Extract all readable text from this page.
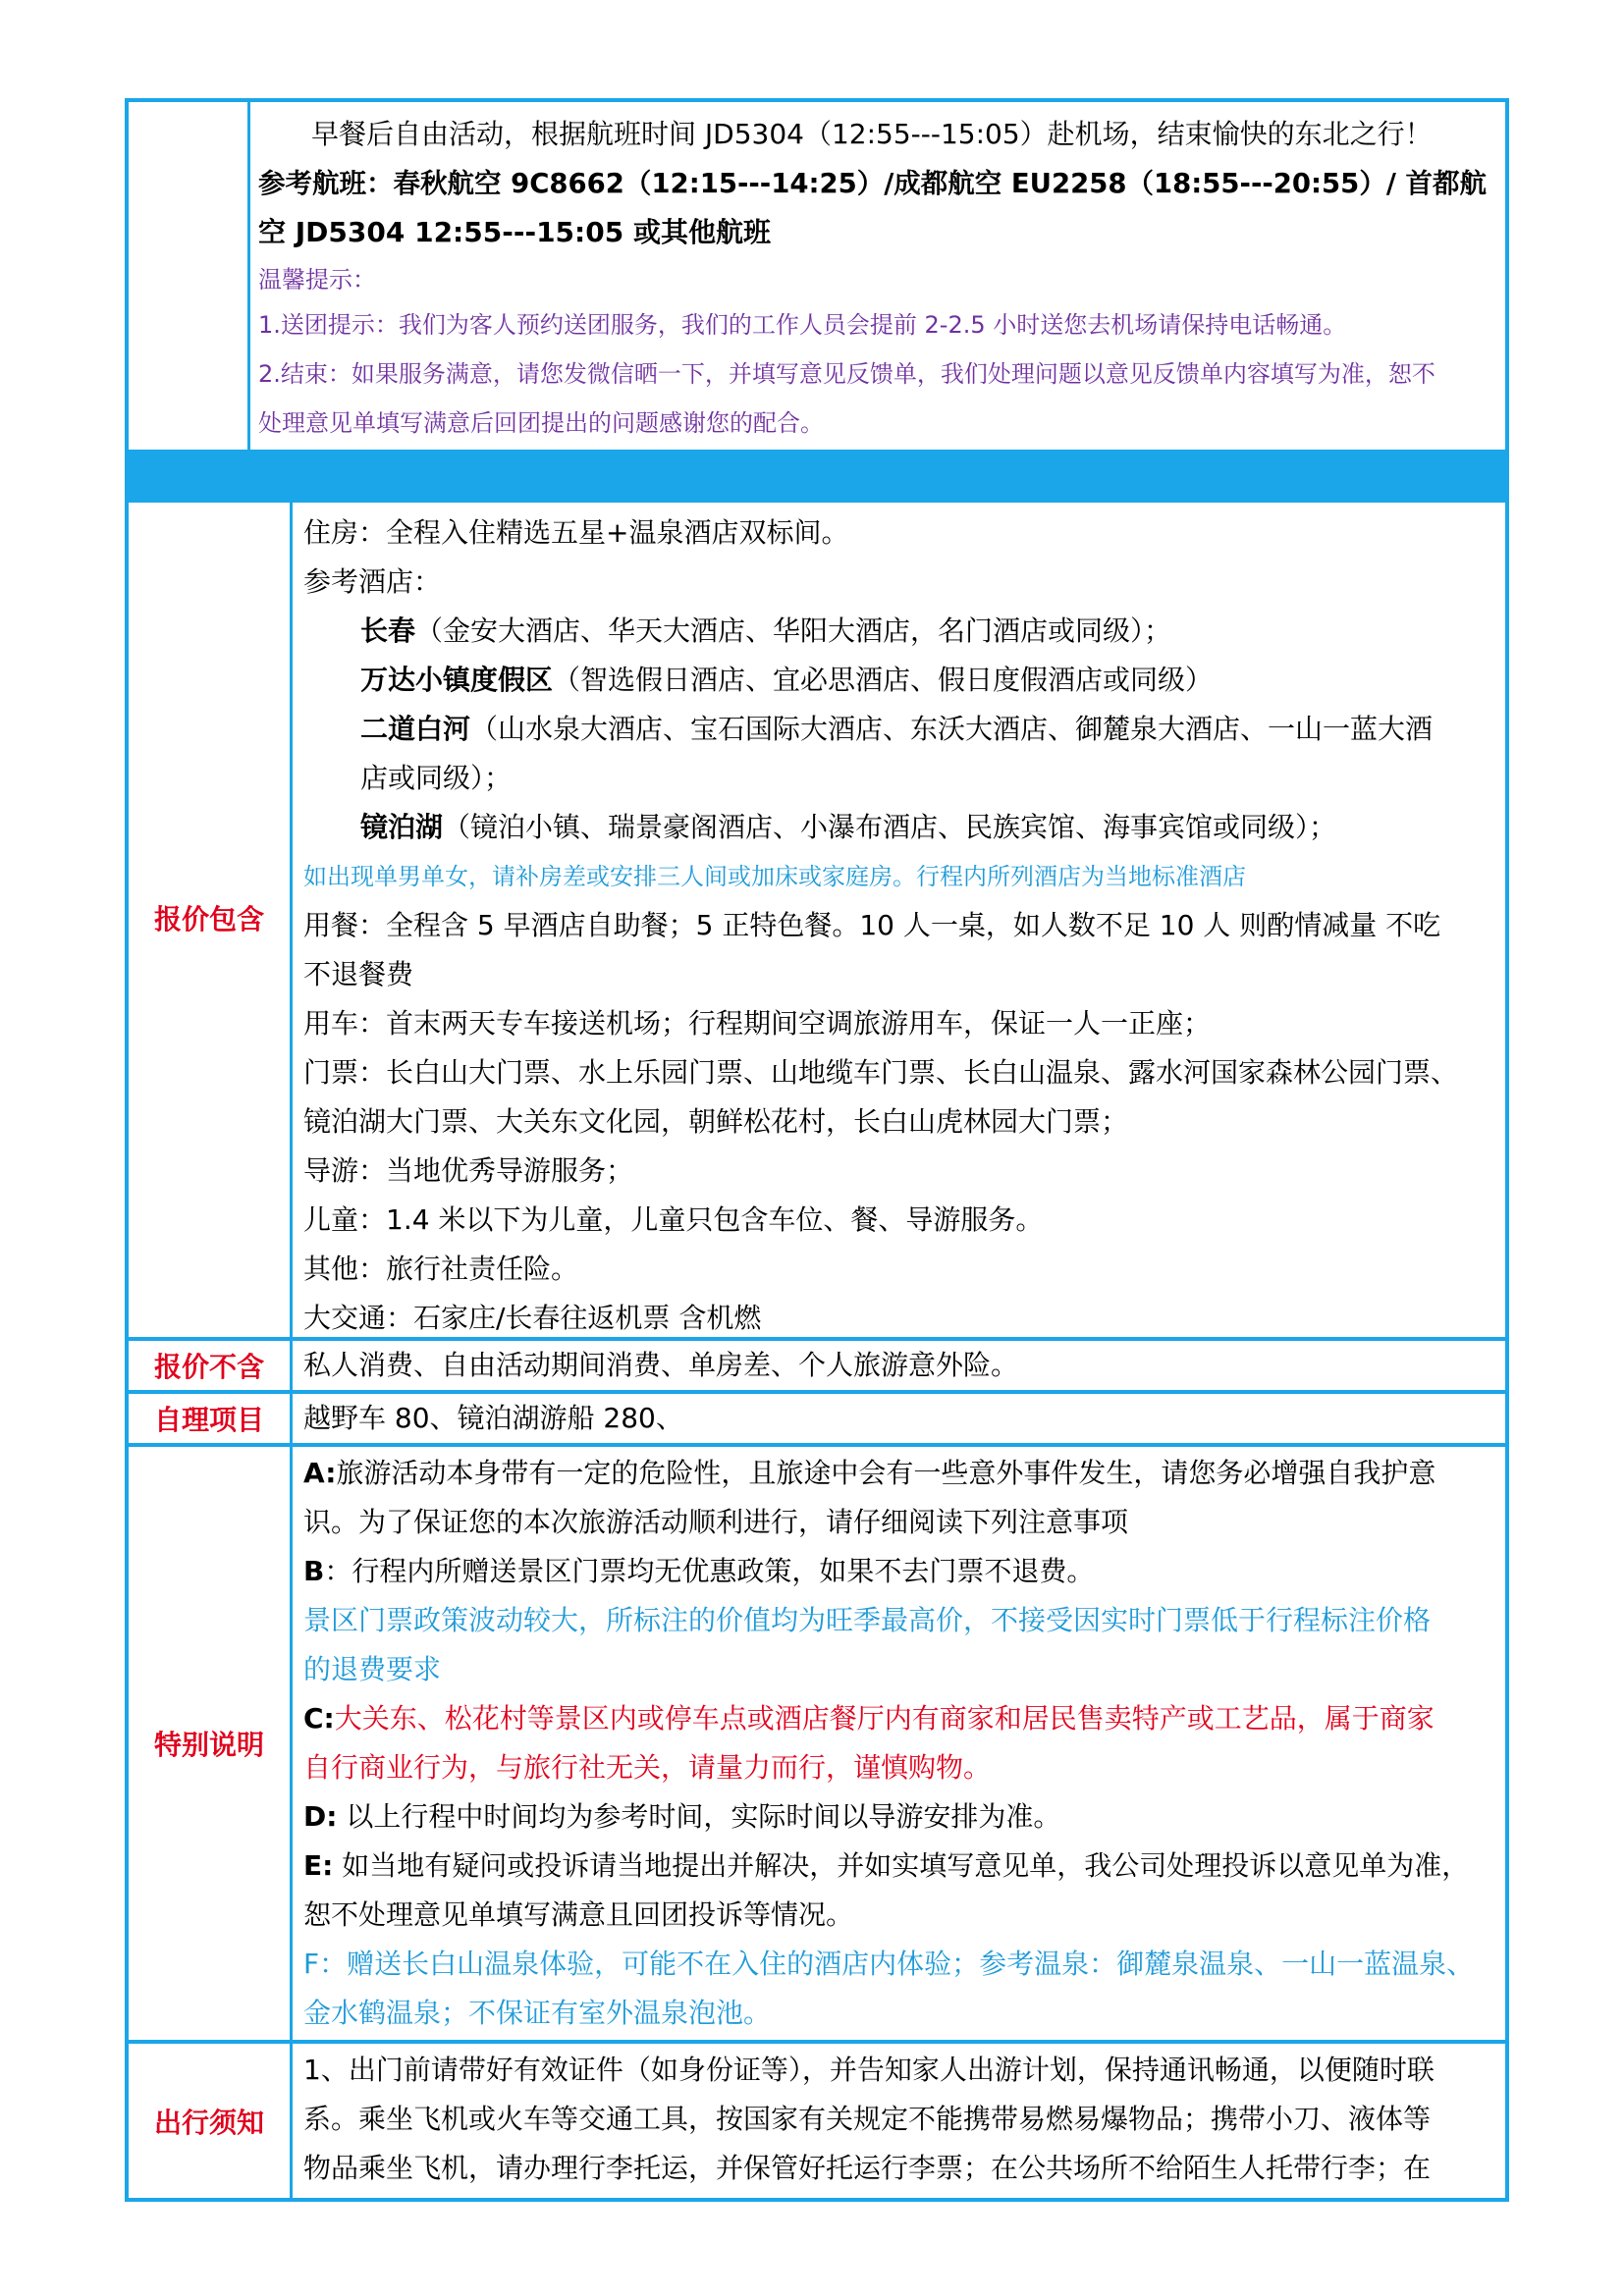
早餐后自由活动，根据航班时间 JD5304（12:55---15:05）赴机场，结束愉快的东北之行！
参考航班：春秋航空 9C8662（12:15---14:25）/成都航空 EU2258（18:55---20:55）/ 首都航
空 JD5304 12:55---15:05 或其他航班
温馨提示：
1.送团提示：我们为客人预约送团服务，我们的工作人员会提前 2-2.5 小时送您去机场请保持电话畅通。
2.结束：如果服务满意，请您发微信晒一下，并填写意见反馈单，我们处理问题以意见反馈单内容填写为准，恕不
处理意见单填写满意后回团提出的问题感谢您的配合。
报价包含
住房：全程入住精选五星+温泉酒店双标间。
参考酒店：
长春（金安大酒店、华天大酒店、华阳大酒店，名门酒店或同级）；
万达小镇度假区（智选假日酒店、宜必思酒店、假日度假酒店或同级）
二道白河（山水泉大酒店、宝石国际大酒店、东沃大酒店、御麓泉大酒店、一山一蓝大酒
店或同级）；
镜泊湖（镜泊小镇、瑞景豪阁酒店、小瀑布酒店、民族宾馆、海事宾馆或同级）；
如出现单男单女，请补房差或安排三人间或加床或家庭房。行程内所列酒店为当地标准酒店
用餐：全程含 5 早酒店自助餐；5 正特色餐。10 人一桌，如人数不足 10 人 则酌情减量 不吃
不退餐费
用车：首末两天专车接送机场；行程期间空调旅游用车，保证一人一正座；
门票：长白山大门票、水上乐园门票、山地缆车门票、长白山温泉、露水河国家森林公园门票、
镜泊湖大门票、大关东文化园，朝鲜松花村，长白山虎林园大门票；
导游：当地优秀导游服务；
儿童：1.4 米以下为儿童，儿童只包含车位、餐、导游服务。
其他：旅行社责任险。
大交通：石家庄/长春往返机票 含机燃
报价不含	私人消费、自由活动期间消费、单房差、个人旅游意外险。
自理项目	越野车 80、镜泊湖游船 280、
特别说明
A:旅游活动本身带有一定的危险性，且旅途中会有一些意外事件发生，请您务必增强自我护意
识。为了保证您的本次旅游活动顺利进行，请仔细阅读下列注意事项
B：行程内所赠送景区门票均无优惠政策，如果不去门票不退费。
景区门票政策波动较大，所标注的价值均为旺季最高价，不接受因实时门票低于行程标注价格
的退费要求
C:大关东、松花村等景区内或停车点或酒店餐厅内有商家和居民售卖特产或工艺品，属于商家
自行商业行为，与旅行社无关，请量力而行，谨慎购物。
D: 以上行程中时间均为参考时间，实际时间以导游安排为准。
E: 如当地有疑问或投诉请当地提出并解决，并如实填写意见单，我公司处理投诉以意见单为准，
恕不处理意见单填写满意且回团投诉等情况。
F：赠送长白山温泉体验，可能不在入住的酒店内体验；参考温泉：御麓泉温泉、一山一蓝温泉、
金水鹤温泉；不保证有室外温泉泡池。
出行须知
1、出门前请带好有效证件（如身份证等），并告知家人出游计划，保持通讯畅通，以便随时联
系。乘坐飞机或火车等交通工具，按国家有关规定不能携带易燃易爆物品；携带小刀、液体等
物品乘坐飞机，请办理行李托运，并保管好托运行李票；在公共场所不给陌生人托带行李；在
